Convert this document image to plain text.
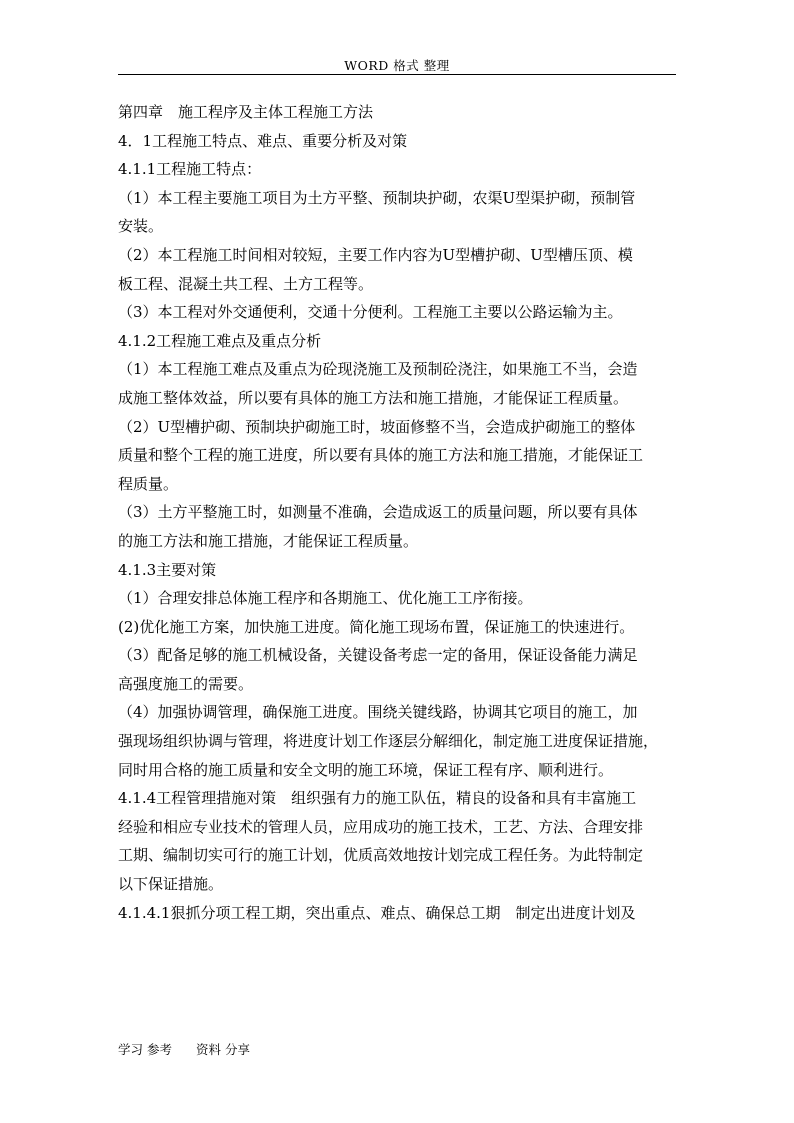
WORD 格式 整理
第四章　施工程序及主体工程施工方法
4．1工程施工特点、难点、重要分析及对策
4.1.1工程施工特点：
（1）本工程主要施工项目为土方平整、预制块护砌，农渠U型渠护砌，预制管
安装。
（2）本工程施工时间相对较短，主要工作内容为U型槽护砌、U型槽压顶、模
板工程、混凝土共工程、土方工程等。
（3）本工程对外交通便利，交通十分便利。工程施工主要以公路运输为主。
4.1.2工程施工难点及重点分析
（1）本工程施工难点及重点为砼现浇施工及预制砼浇注，如果施工不当，会造
成施工整体效益，所以要有具体的施工方法和施工措施，才能保证工程质量。
（2）U型槽护砌、预制块护砌施工时，坡面修整不当，会造成护砌施工的整体
质量和整个工程的施工进度，所以要有具体的施工方法和施工措施，才能保证工
程质量。
（3）土方平整施工时，如测量不准确，会造成返工的质量问题，所以要有具体
的施工方法和施工措施，才能保证工程质量。
4.1.3主要对策
（1）合理安排总体施工程序和各期施工、优化施工工序衔接。
(2)优化施工方案，加快施工进度。简化施工现场布置，保证施工的快速进行。
（3）配备足够的施工机械设备，关键设备考虑一定的备用，保证设备能力满足
高强度施工的需要。
（4）加强协调管理，确保施工进度。围绕关键线路，协调其它项目的施工，加
强现场组织协调与管理，将进度计划工作逐层分解细化，制定施工进度保证措施，
同时用合格的施工质量和安全文明的施工环境，保证工程有序、顺利进行。
4.1.4工程管理措施对策　组织强有力的施工队伍，精良的设备和具有丰富施工
经验和相应专业技术的管理人员，应用成功的施工技术，工艺、方法、合理安排
工期、编制切实可行的施工计划，优质高效地按计划完成工程任务。为此特制定
以下保证措施。
4.1.4.1狠抓分项工程工期，突出重点、难点、确保总工期　制定出进度计划及
学习 参考 资料 分享
